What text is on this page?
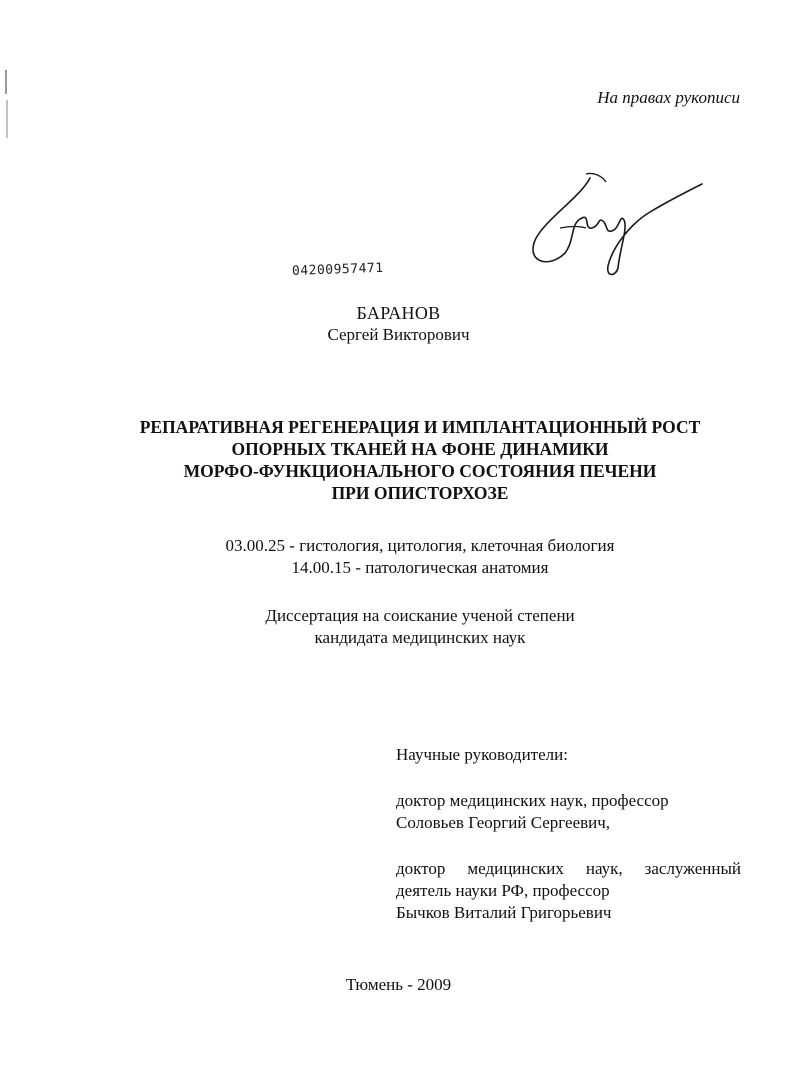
На правах рукописи
04200957471
БАРАНОВ
Сергей Викторович
РЕПАРАТИВНАЯ РЕГЕНЕРАЦИЯ И ИМПЛАНТАЦИОННЫЙ РОСТ
ОПОРНЫХ ТКАНЕЙ НА ФОНЕ ДИНАМИКИ
МОРФО-ФУНКЦИОНАЛЬНОГО СОСТОЯНИЯ ПЕЧЕНИ
ПРИ ОПИСТОРХОЗЕ
03.00.25 - гистология, цитология, клеточная биология
14.00.15 - патологическая анатомия
Диссертация на соискание ученой степени
кандидата медицинских наук
Научные руководители:
доктор медицинских наук, профессор
Соловьев Георгий Сергеевич,
доктор медицинских наук, заслуженный
деятель науки РФ, профессор
Бычков Виталий Григорьевич
Тюмень - 2009
